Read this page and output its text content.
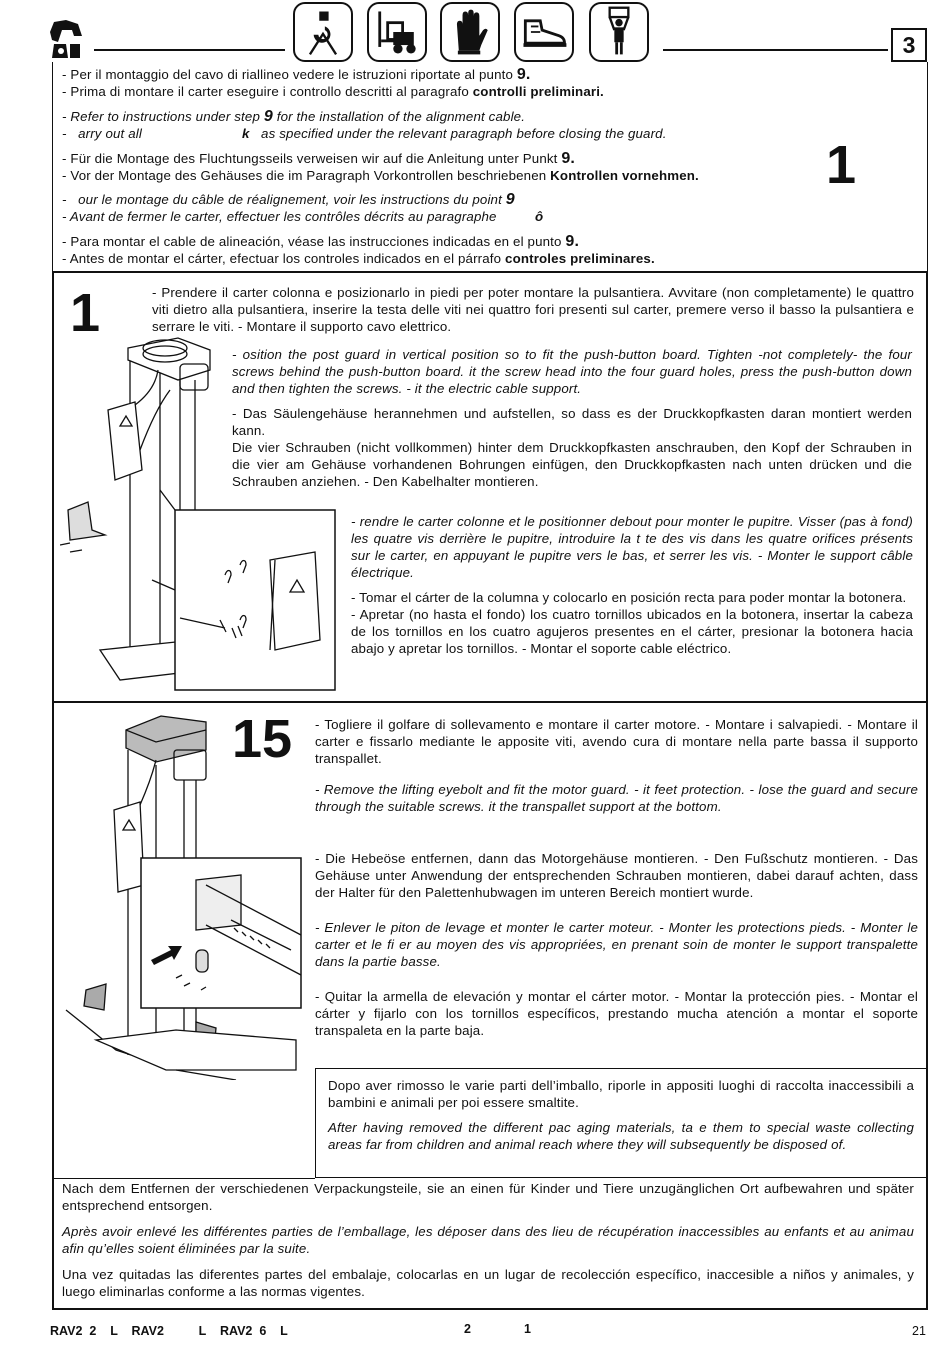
3
- Per il montaggio del cavo di riallineo vedere le istruzioni riportate al punto 9.
- Prima di montare il carter eseguire i controllo descritti al paragrafo controlli preliminari.
- Refer to instructions under step 9 for the installation of the alignment cable.
-   arry out all                          k   as specified under the relevant paragraph before closing the guard.
- Für die Montage des Fluchtungsseils verweisen wir auf die Anleitung unter Punkt 9.
- Vor der Montage des Gehäuses die im Paragraph Vorkontrollen beschriebenen Kontrollen vornehmen.
-   our le montage du câble de réalignement, voir les instructions du point 9
- Avant de fermer le carter, effectuer les contrôles décrits au paragraphe          ô
- Para montar el cable de alineación, véase las instrucciones indicadas en el punto 9.
- Antes de montar el cárter, efectuar los controles indicados en el párrafo controles preliminares.
1
1	- Prendere il carter colonna e posizionarlo in piedi per poter montare la pulsantiera. Avvitare (non completamente) le quattro viti dietro alla pulsantiera, inserire la testa delle viti nei quattro fori presenti sul carter, premere verso il basso la pulsantiera e serrare le viti. - Montare il supporto cavo elettrico.
- osition the post guard in vertical position so to fit the push-button board. Tighten -not completely- the four screws behind the push-button board. it the screw head into the four guard holes, press the push-button down and then tighten the screws. - it the electric cable support.
- Das Säulengehäuse herannehmen und aufstellen, so dass es der Druckkopfkasten daran montiert werden kann.
Die vier Schrauben (nicht vollkommen) hinter dem Druckkopfkasten anschrauben, den Kopf der Schrauben in die vier am Gehäuse vorhandenen Bohrungen einfügen, den Druckkopfkasten nach unten drücken und die Schrauben anziehen. - Den Kabelhalter montieren.
- rendre le carter colonne et le positionner debout pour monter le pupitre. Visser (pas à fond) les quatre vis derrière le pupitre, introduire la t te des vis dans les quatre orifices présents sur le carter, en appuyant le pupitre vers le bas, et serrer les vis. - Monter le support câble électrique.
- Tomar el cárter de la columna y colocarlo en posición recta para poder montar la botonera.
- Apretar (no hasta el fondo) los cuatro tornillos ubicados en la botonera, insertar la cabeza de los tornillos en los cuatro agujeros presentes en el cárter, presionar la botonera hacia abajo y apretar los tornillos. - Montar el soporte cable eléctrico.
15 - Togliere il golfare di sollevamento e montare il carter motore. - Montare i salvapiedi. - Montare il carter e fissarlo mediante le apposite viti, avendo cura di montare nella parte bassa il supporto transpallet.
- Remove the lifting eyebolt and fit the motor guard. - it feet protection. - lose the guard and secure through the suitable screws. it the transpallet support at the bottom.
- Die Hebeöse entfernen, dann das Motorgehäuse montieren. - Den Fußschutz montieren. - Das Gehäuse unter Anwendung der entsprechenden Schrauben montieren, dabei darauf achten, dass der Halter für den Palettenhubwagen im unteren Bereich montiert wurde.
- Enlever le piton de levage et monter le carter moteur. - Monter les protections pieds. - Monter le carter et le fi er au moyen des vis appropriées, en prenant soin de monter le support transpalette dans la partie basse.
- Quitar la armella de elevación y montar el cárter motor. - Montar la protección pies. - Montar el cárter y fijarlo con los tornillos específicos, prestando mucha atención a montar el soporte transpaleta en la parte baja.
Dopo aver rimosso le varie parti dell’imballo, riporle in appositi luoghi di raccolta inaccessibili a bambini e animali per poi essere smaltite.
After having removed the different pac aging materials, ta e them to special waste collecting areas far from children and animal reach where they will subsequently be disposed of.
Nach dem Entfernen der verschiedenen Verpackungsteile, sie an einen für Kinder und Tiere unzugänglichen Ort aufbewahren und später entsprechend entsorgen.
Après avoir enlevé les différentes parties de l’emballage, les déposer dans des lieu de récupération inaccessibles au enfants et au animau afin qu’elles soient éliminées par la suite.
Una vez quitadas las diferentes partes del embalaje, colocarlas en un lugar de recolección específico, inaccesible a niños y animales, y luego eliminarlas conforme a las normas vigentes.
RAV2  2    L    RAV2          L    RAV2  6    L	2	1	21
